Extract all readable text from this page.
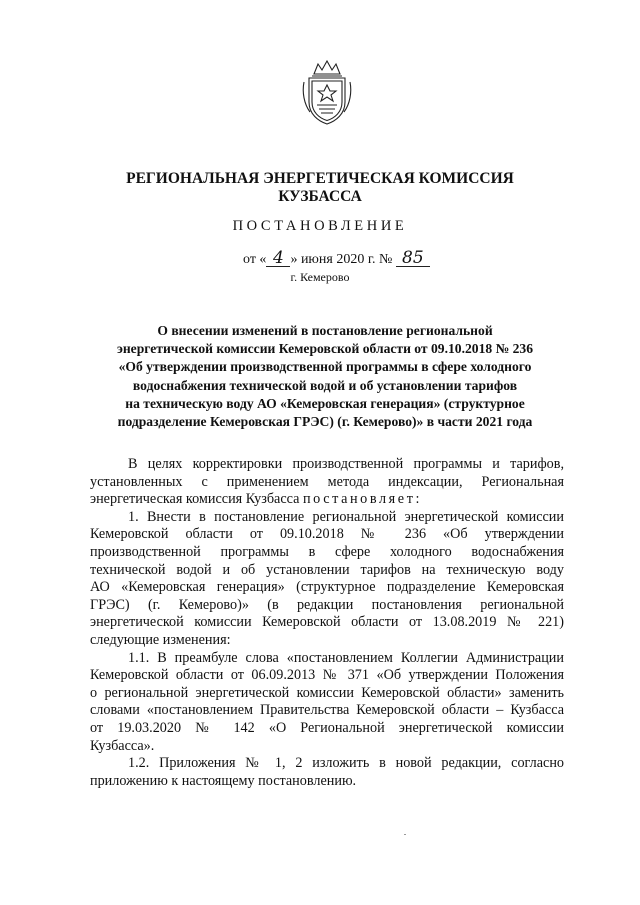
РЕГИОНАЛЬНАЯ ЭНЕРГЕТИЧЕСКАЯ КОМИССИЯ
КУЗБАССА
ПОСТАНОВЛЕНИЕ
от « 4 » июня 2020 г. № 85
г. Кемерово
О внесении изменений в постановление региональной
энергетической комиссии Кемеровской области от 09.10.2018 № 236
«Об утверждении производственной программы в сфере холодного
водоснабжения технической водой и об установлении тарифов
на техническую воду АО «Кемеровская генерация» (структурное
подразделение Кемеровская ГРЭС) (г. Кемерово)» в части 2021 года
В целях корректировки производственной программы и тарифов,
установленных с применением метода индексации, Региональная
энергетическая комиссия Кузбасса постановляет:
1. Внести в постановление региональной энергетической комиссии
Кемеровской области от 09.10.2018 № 236 «Об утверждении
производственной программы в сфере холодного водоснабжения
технической водой и об установлении тарифов на техническую воду
АО «Кемеровская генерация» (структурное подразделение Кемеровская
ГРЭС) (г. Кемерово)» (в редакции постановления региональной
энергетической комиссии Кемеровской области от 13.08.2019 № 221)
следующие изменения:
1.1. В преамбуле слова «постановлением Коллегии Администрации
Кемеровской области от 06.09.2013 № 371 «Об утверждении Положения
о региональной энергетической комиссии Кемеровской области» заменить
словами «постановлением Правительства Кемеровской области – Кузбасса
от 19.03.2020 № 142 «О Региональной энергетической комиссии
Кузбасса».
1.2. Приложения № 1, 2 изложить в новой редакции, согласно
приложению к настоящему постановлению.
